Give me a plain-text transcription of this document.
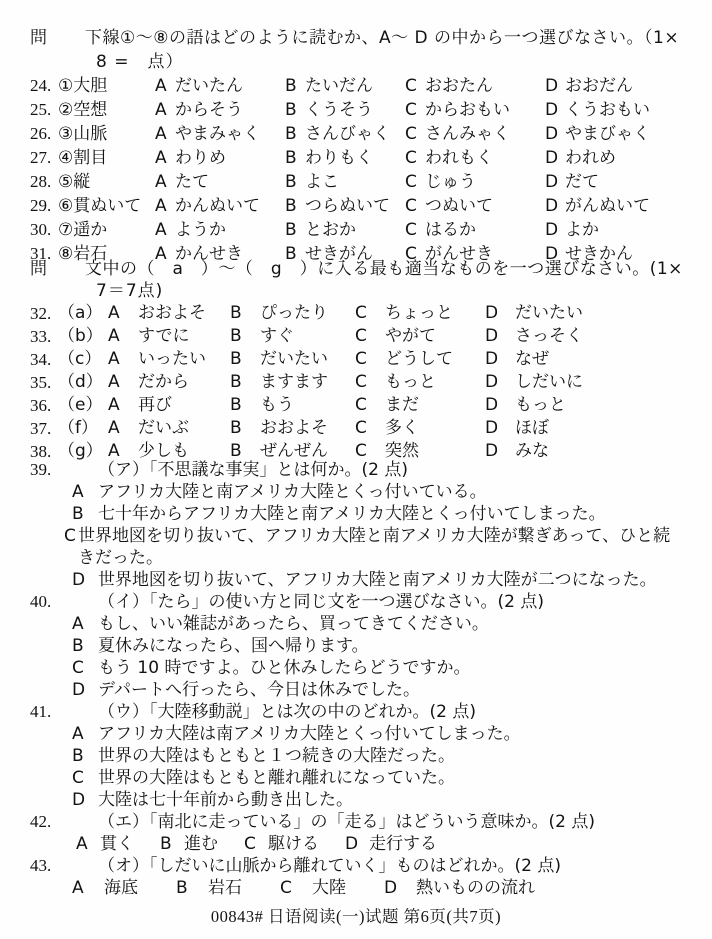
問	下線①～⑧の語はどのように読むか、A～ D の中から一つ選びなさい。（1×
8 =　点）
24. ①大胆	A だいたん B たいだん C おおたん	D おおだん
25. ②空想	A からそう B くうそう C からおもい D くうおもい
26. ③山脈	A やまみゃく B さんびゃく C さんみゃく D やまびゃく
27. ④割目	A わりめ	B わりもく C われもく	D われめ
28. ⑤縦	A たて	B よこ	C じゅう	D だて
29. ⑥貫ぬいて A かんぬいて B つらぬいて C つぬいて	D がんぬいて
30. ⑦遥か	A ようか	B とおか	C はるか	D よか
31. ⑧岩石	A かんせき B せきがん C がんせき	D せきかん
問	文中の（　a　）～（　g　）に入る最も適当なものを一つ選びなさい。(1×
7＝7点)
32. （a） A	おおよそ B	ぴったり C	ちょっと D だいたい
33. （b） A	すでに B	すぐ	C	やがて	D さっそく
34. （c） A	いったい B	だいたい C	どうして D なぜ
35. （d） A	だから B	ますます C	もっと	D しだいに
36. （e） A	再び	B	もう	C	まだ	D もっと
37. （f） A	だいぶ B	おおよそ C	多く	D ほぼ
38. （g） A	少しも B	ぜんぜん C	突然	D みな
39.	（ア）「不思議な事実」とは何か。(2 点)
A アフリカ大陸と南アメリカ大陸とくっ付いている。
B 七十年からアフリカ大陸と南アメリカ大陸とくっ付いてしまった。
C 世界地図を切り抜いて、アフリカ大陸と南アメリカ大陸が繋ぎあって、ひと続きだった。
D 世界地図を切り抜いて、アフリカ大陸と南アメリカ大陸が二つになった。
40.	（イ）「たら」の使い方と同じ文を一つ選びなさい。(2 点)
A もし、いい雑誌があったら、買ってきてください。
B 夏休みになったら、国へ帰ります。
C もう 10 時ですよ。ひと休みしたらどうですか。
D デパートへ行ったら、今日は休みでした。
41.	（ウ）「大陸移動説」とは次の中のどれか。(2 点)
A アフリカ大陸は南アメリカ大陸とくっ付いてしまった。
B 世界の大陸はもともと１つ続きの大陸だった。
C 世界の大陸はもともと離れ離れになっていた。
D 大陸は七十年前から動き出した。
42.	（エ）「南北に走っている」の「走る」はどういう意味か。(2 点)
A 貫く B 進む C 駆ける D 走行する
43.	（オ）「しだいに山脈から離れていく」ものはどれか。(2 点)
A	海底 B	岩石 C	大陸 D	熱いものの流れ
00843# 日语阅读(一)试题 第6页(共7页)
